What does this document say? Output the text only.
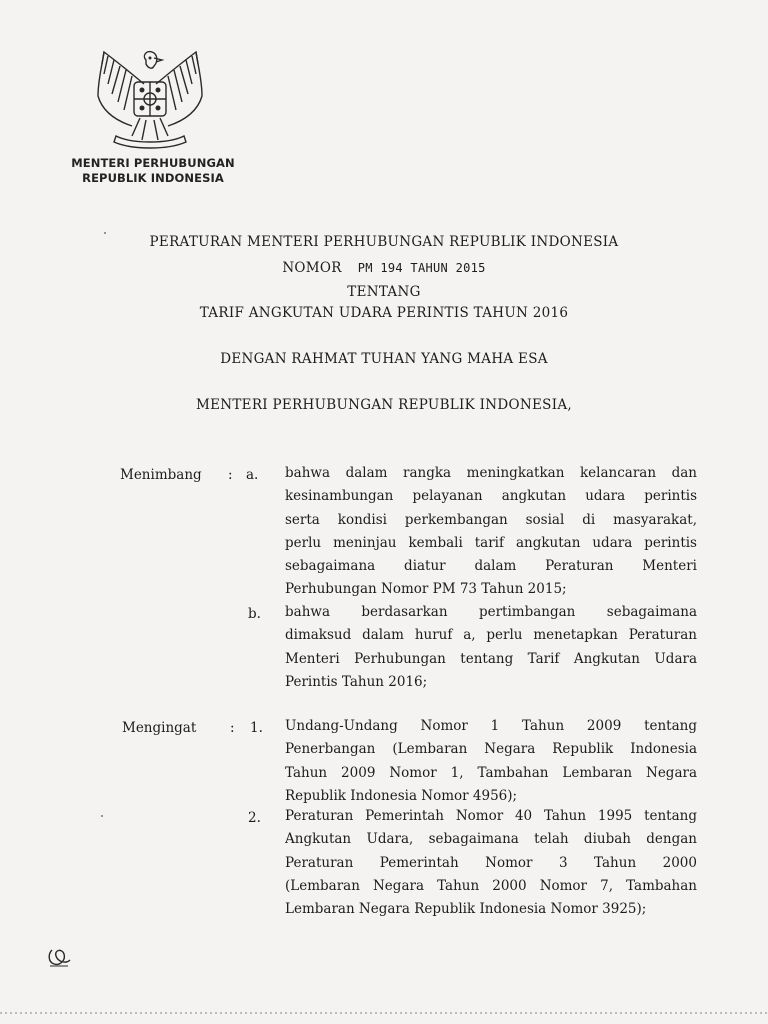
MENTERI PERHUBUNGAN
REPUBLIK INDONESIA
PERATURAN MENTERI PERHUBUNGAN REPUBLIK INDONESIA
NOMOR PM 194 TAHUN 2015
TENTANG
TARIF ANGKUTAN UDARA PERINTIS TAHUN 2016
DENGAN RAHMAT TUHAN YANG MAHA ESA
MENTERI PERHUBUNGAN REPUBLIK INDONESIA,
Menimbang : a. bahwa dalam rangka meningkatkan kelancaran dan
kesinambungan pelayanan angkutan udara perintis
serta kondisi perkembangan sosial di masyarakat,
perlu meninjau kembali tarif angkutan udara perintis
sebagaimana diatur dalam Peraturan Menteri
Perhubungan Nomor PM 73 Tahun 2015;
b. bahwa berdasarkan pertimbangan sebagaimana
dimaksud dalam huruf a, perlu menetapkan Peraturan
Menteri Perhubungan tentang Tarif Angkutan Udara
Perintis Tahun 2016;
Mengingat : 1. Undang-Undang Nomor 1 Tahun 2009 tentang
Penerbangan (Lembaran Negara Republik Indonesia
Tahun 2009 Nomor 1, Tambahan Lembaran Negara
Republik Indonesia Nomor 4956);
2. Peraturan Pemerintah Nomor 40 Tahun 1995 tentang
Angkutan Udara, sebagaimana telah diubah dengan
Peraturan Pemerintah Nomor 3 Tahun 2000
(Lembaran Negara Tahun 2000 Nomor 7, Tambahan
Lembaran Negara Republik Indonesia Nomor 3925);
